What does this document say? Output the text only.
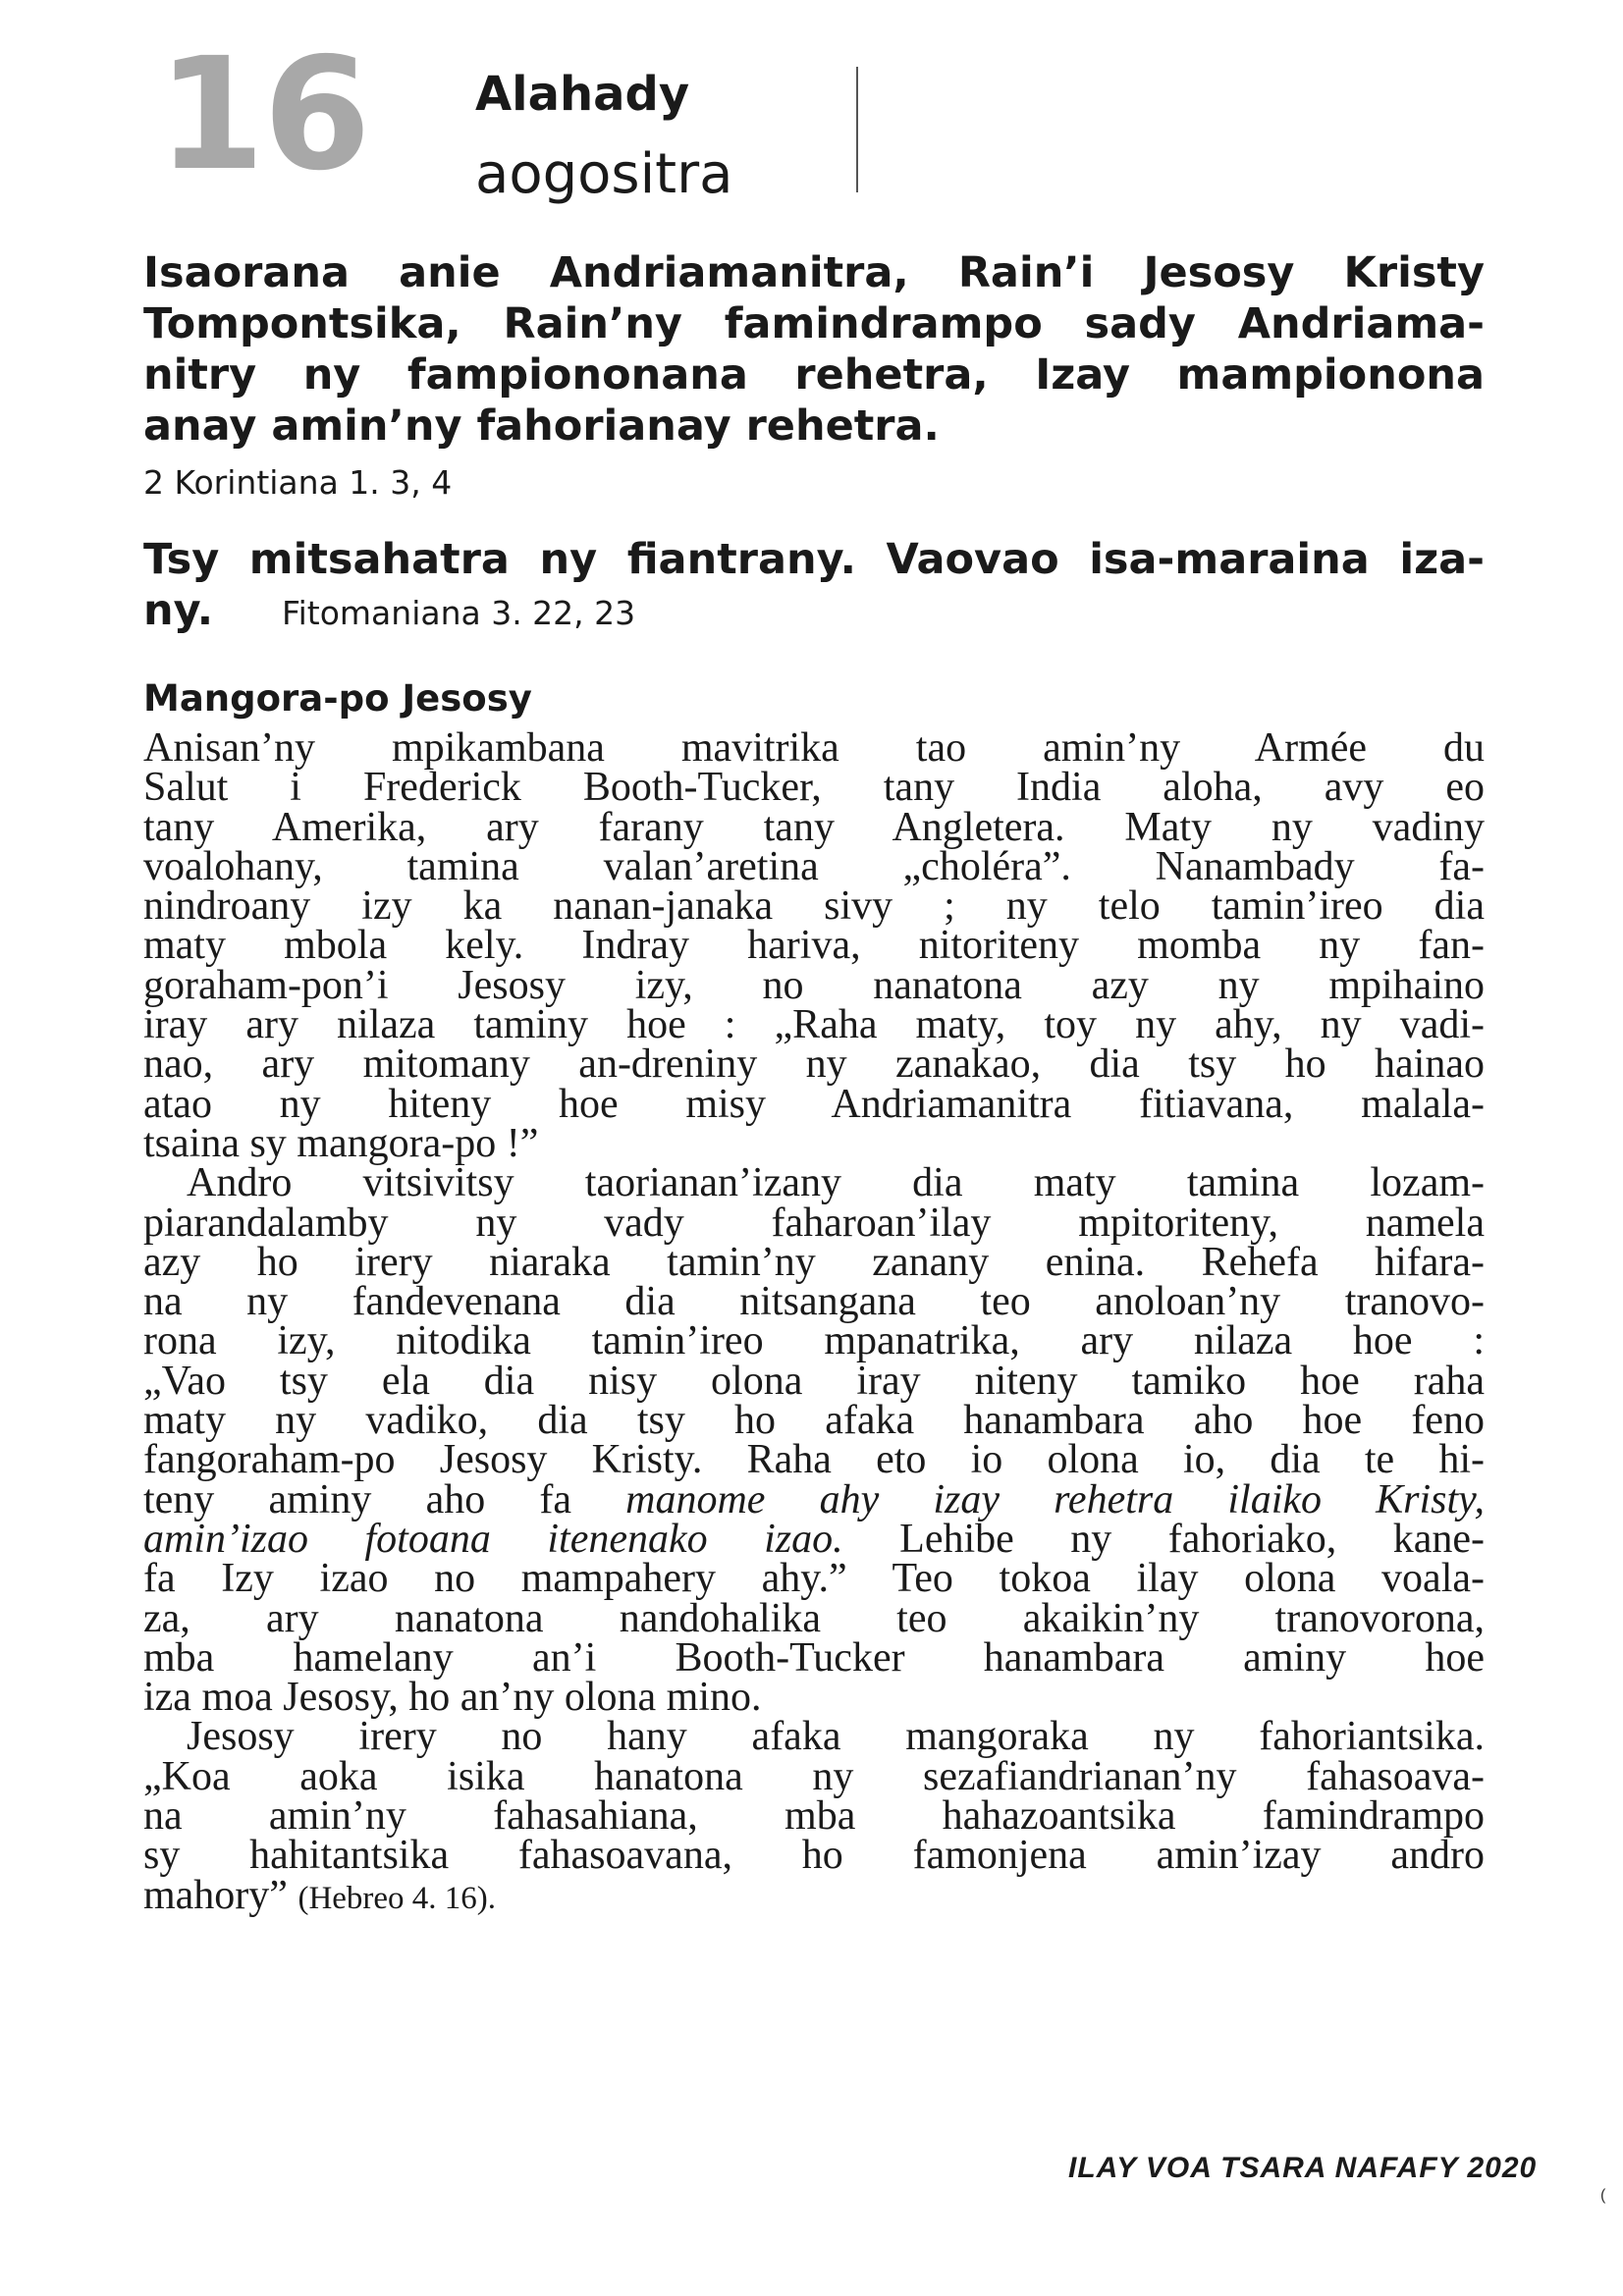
16 Alahady
aogositra
Isaorana anie Andriamanitra, Rain’i Jesosy Kristy
Tompontsika, Rain’ny famindrampo sady Andriama-
nitry ny fampiononana rehetra, Izay mampionona
anay amin’ny fahorianay rehetra.
2 Korintiana 1. 3, 4
Tsy mitsahatra ny fiantrany. Vaovao isa-maraina iza-
ny. Fitomaniana 3. 22, 23
Mangora-po Jesosy
Anisan’ny mpikambana mavitrika tao amin’ny Armée du
Salut i Frederick Booth-Tucker, tany India aloha, avy eo
tany Amerika, ary farany tany Angletera. Maty ny vadiny
voalohany, tamina valan’aretina „choléra”. Nanambady fa-
nindroany izy ka nanan-janaka sivy ; ny telo tamin’ireo dia
maty mbola kely. Indray hariva, nitoriteny momba ny fan-
goraham-pon’i Jesosy izy, no nanatona azy ny mpihaino
iray ary nilaza taminy hoe : „Raha maty, toy ny ahy, ny vadi-
nao, ary mitomany an-dreniny ny zanakao, dia tsy ho hainao
atao ny hiteny hoe misy Andriamanitra fitiavana, malala-
tsaina sy mangora-po !”
Andro vitsivitsy taorianan’izany dia maty tamina lozam-
piarandalamby ny vady faharoan’ilay mpitoriteny, namela
azy ho irery niaraka tamin’ny zanany enina. Rehefa hifara-
na ny fandevenana dia nitsangana teo anoloan’ny tranovo-
rona izy, nitodika tamin’ireo mpanatrika, ary nilaza hoe :
„Vao tsy ela dia nisy olona iray niteny tamiko hoe raha
maty ny vadiko, dia tsy ho afaka hanambara aho hoe feno
fangoraham-po Jesosy Kristy. Raha eto io olona io, dia te hi-
teny aminy aho fa manome ahy izay rehetra ilaiko Kristy,
amin’izao fotoana itenenako izao. Lehibe ny fahoriako, kane-
fa Izy izao no mampahery ahy.” Teo tokoa ilay olona voala-
za, ary nanatona nandohalika teo akaikin’ny tranovorona,
mba hamelany an’i Booth-Tucker hanambara aminy hoe
iza moa Jesosy, ho an’ny olona mino.
Jesosy irery no hany afaka mangoraka ny fahoriantsika.
„Koa aoka isika hanatona ny sezafiandrianan’ny fahasoava-
na amin’ny fahasahiana, mba hahazoantsika famindrampo
sy hahitantsika fahasoavana, ho famonjena amin’izay andro
mahory” (Hebreo 4. 16).
ILAY VOA TSARA NAFAFY 2020
(
